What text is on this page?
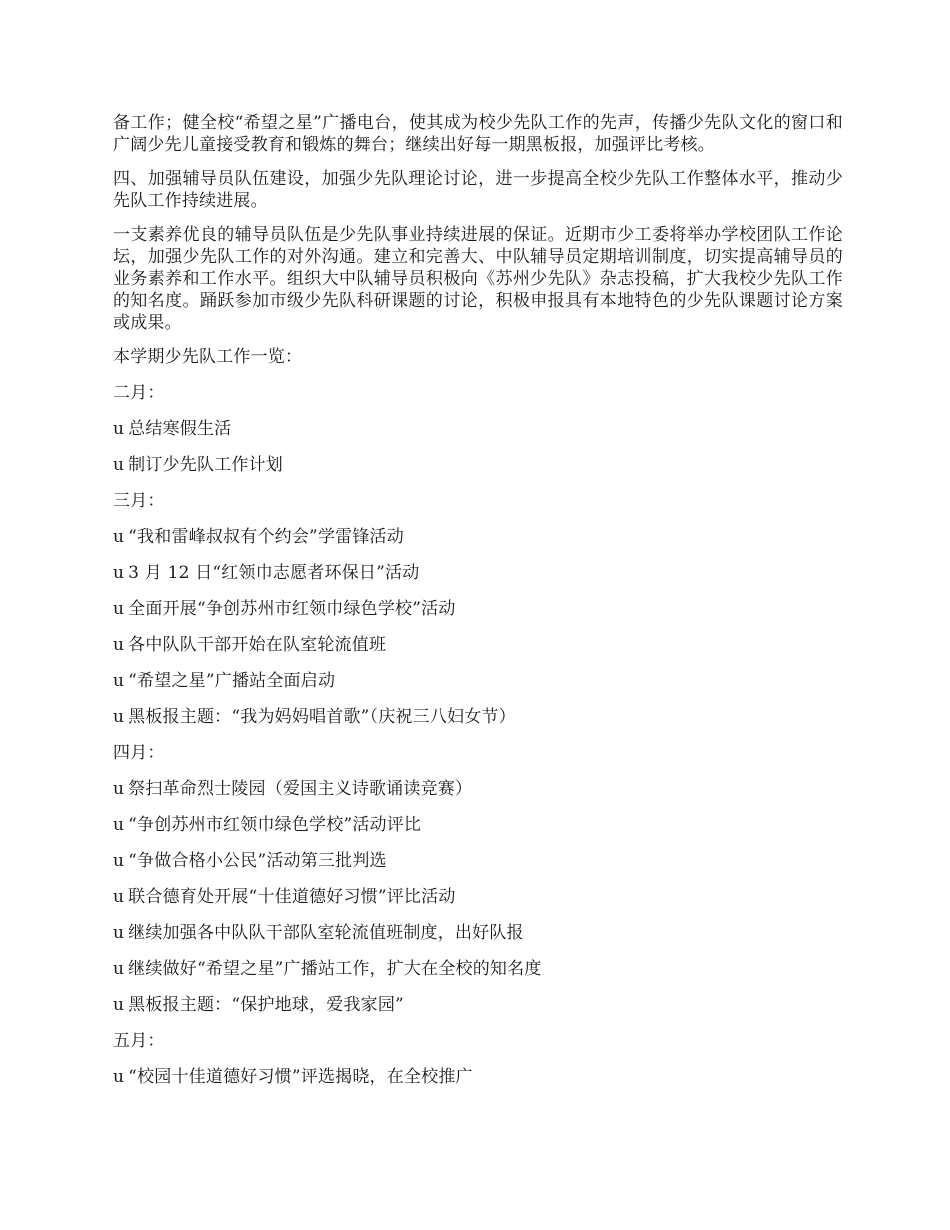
备工作；健全校“希望之星”广播电台，使其成为校少先队工作的先声，传播少先队文化的窗口和广阔少先儿童接受教育和锻炼的舞台；继续出好每一期黑板报，加强评比考核。

四、加强辅导员队伍建设，加强少先队理论讨论，进一步提高全校少先队工作整体水平，推动少先队工作持续进展。

一支素养优良的辅导员队伍是少先队事业持续进展的保证。近期市少工委将举办学校团队工作论坛，加强少先队工作的对外沟通。建立和完善大、中队辅导员定期培训制度，切实提高辅导员的业务素养和工作水平。组织大中队辅导员积极向《苏州少先队》杂志投稿，扩大我校少先队工作的知名度。踊跃参加市级少先队科研课题的讨论，积极申报具有本地特色的少先队课题讨论方案或成果。

本学期少先队工作一览：

二月：

u 总结寒假生活

u 制订少先队工作计划

三月：

u “我和雷峰叔叔有个约会”学雷锋活动

u 3 月 12 日“红领巾志愿者环保日”活动

u 全面开展“争创苏州市红领巾绿色学校”活动

u 各中队队干部开始在队室轮流值班

u “希望之星”广播站全面启动

u 黑板报主题：“我为妈妈唱首歌”（庆祝三八妇女节）

四月：

u 祭扫革命烈士陵园（爱国主义诗歌诵读竞赛）

u “争创苏州市红领巾绿色学校”活动评比

u “争做合格小公民”活动第三批判选

u 联合德育处开展“十佳道德好习惯”评比活动

u 继续加强各中队队干部队室轮流值班制度，出好队报

u 继续做好“希望之星”广播站工作，扩大在全校的知名度

u 黑板报主题：“保护地球，爱我家园”

五月：

u “校园十佳道德好习惯”评选揭晓，在全校推广
